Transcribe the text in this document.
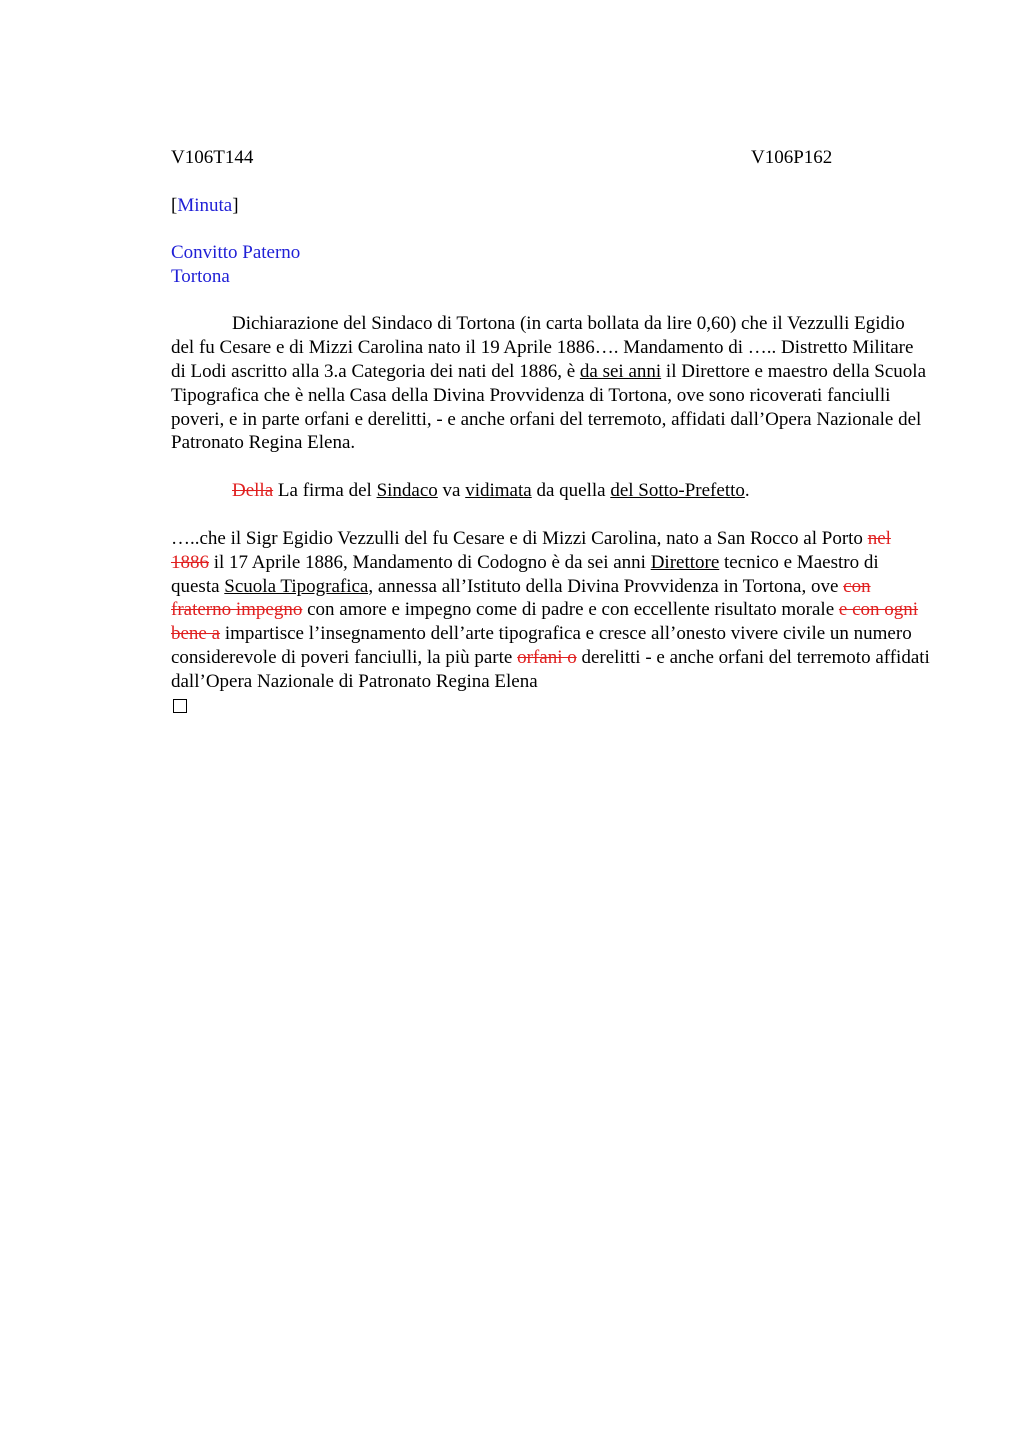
V106T144	V106P162

[Minuta]

Convitto Paterno
Tortona

Dichiarazione del Sindaco di Tortona (in carta bollata da lire 0,60) che il Vezzulli Egidio del fu Cesare e di Mizzi Carolina nato il 19 Aprile 1886…. Mandamento di ….. Distretto Militare di Lodi ascritto alla 3.a Categoria dei nati del 1886, è da sei anni il Direttore e maestro della Scuola Tipografica che è nella Casa della Divina Provvidenza di Tortona, ove sono ricoverati fanciulli poveri, e in parte orfani e derelitti, - e anche orfani del terremoto, affidati dall’Opera Nazionale del Patronato Regina Elena.

Della La firma del Sindaco va vidimata da quella del Sotto-Prefetto.

…..che il Sigr Egidio Vezzulli del fu Cesare e di Mizzi Carolina, nato a San Rocco al Porto nel 1886 il 17 Aprile 1886, Mandamento di Codogno è da sei anni Direttore tecnico e Maestro di questa Scuola Tipografica, annessa all’Istituto della Divina Provvidenza in Tortona, ove con fraterno impegno con amore e impegno come di padre e con eccellente risultato morale e con ogni bene a impartisce l’insegnamento dell’arte tipografica e cresce all’onesto vivere civile un numero considerevole di poveri fanciulli, la più parte orfani o derelitti - e anche orfani del terremoto affidati dall’Opera Nazionale di Patronato Regina Elena
